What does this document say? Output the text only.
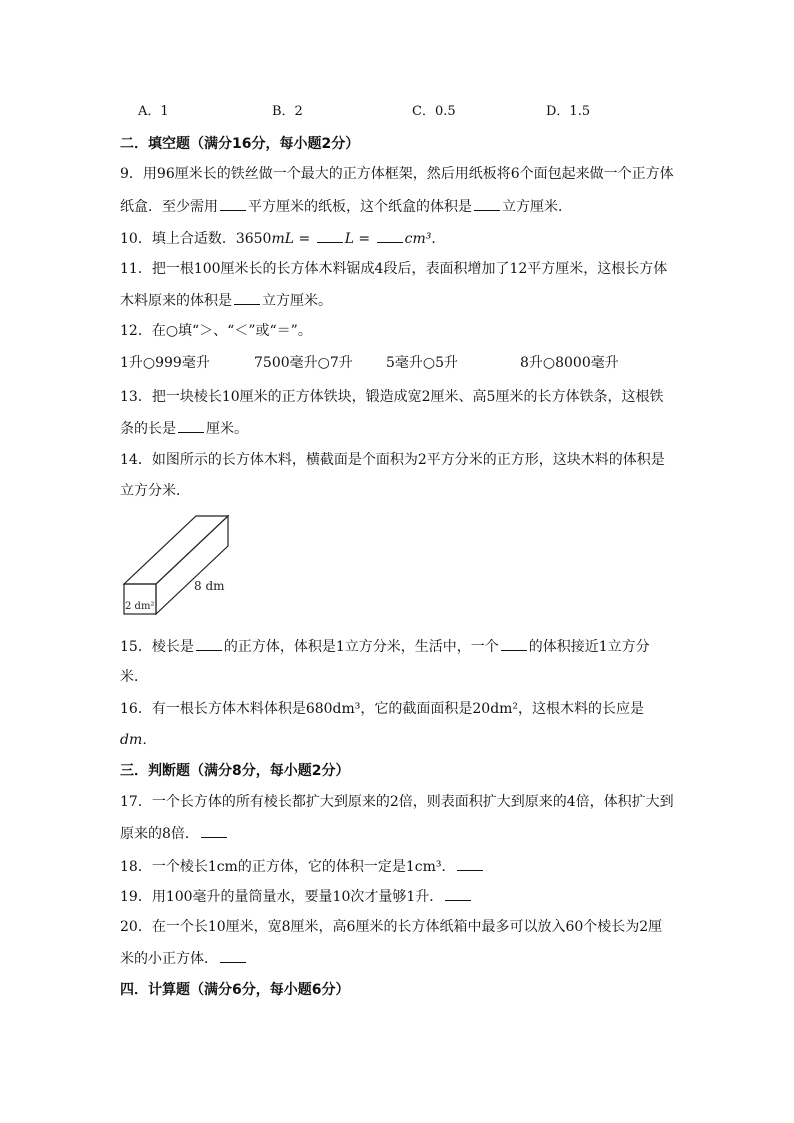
A．1	B．2	C．0.5	D．1.5
二．填空题（满分16分，每小题2分）
9．用96厘米长的铁丝做一个最大的正方体框架，然后用纸板将6个面包起来做一个正方体
纸盒．至少需用 平方厘米的纸板，这个纸盒的体积是 立方厘米．
10．填上合适数．3650mL = L = cm³．
11．把一根100厘米长的长方体木料锯成4段后，表面积增加了12平方厘米，这根长方体
木料原来的体积是 立方厘米。
12．在○填“＞、“＜”或“＝”。
1升○999毫升	7500毫升○7升 5毫升○5升	8升○8000毫升
13．把一块棱长10厘米的正方体铁块，锻造成宽2厘米、高5厘米的长方体铁条，这根铁
条的长是 厘米。
14．如图所示的长方体木料，横截面是个面积为2平方分米的正方形，这块木料的体积是
立方分米．
8 dm
2 dm²
15．棱长是 的正方体，体积是1立方分米，生活中，一个 的体积接近1立方分
米．
16．有一根长方体木料体积是680dm³，它的截面面积是20dm²，这根木料的长应是
dm．
三．判断题（满分8分，每小题2分）
17．一个长方体的所有棱长都扩大到原来的2倍，则表面积扩大到原来的4倍，体积扩大到
原来的8倍．
18．一个棱长1cm的正方体，它的体积一定是1cm³．
19．用100毫升的量筒量水，要量10次才量够1升．
20．在一个长10厘米，宽8厘米，高6厘米的长方体纸箱中最多可以放入60个棱长为2厘
米的小正方体．
四．计算题（满分6分，每小题6分）
